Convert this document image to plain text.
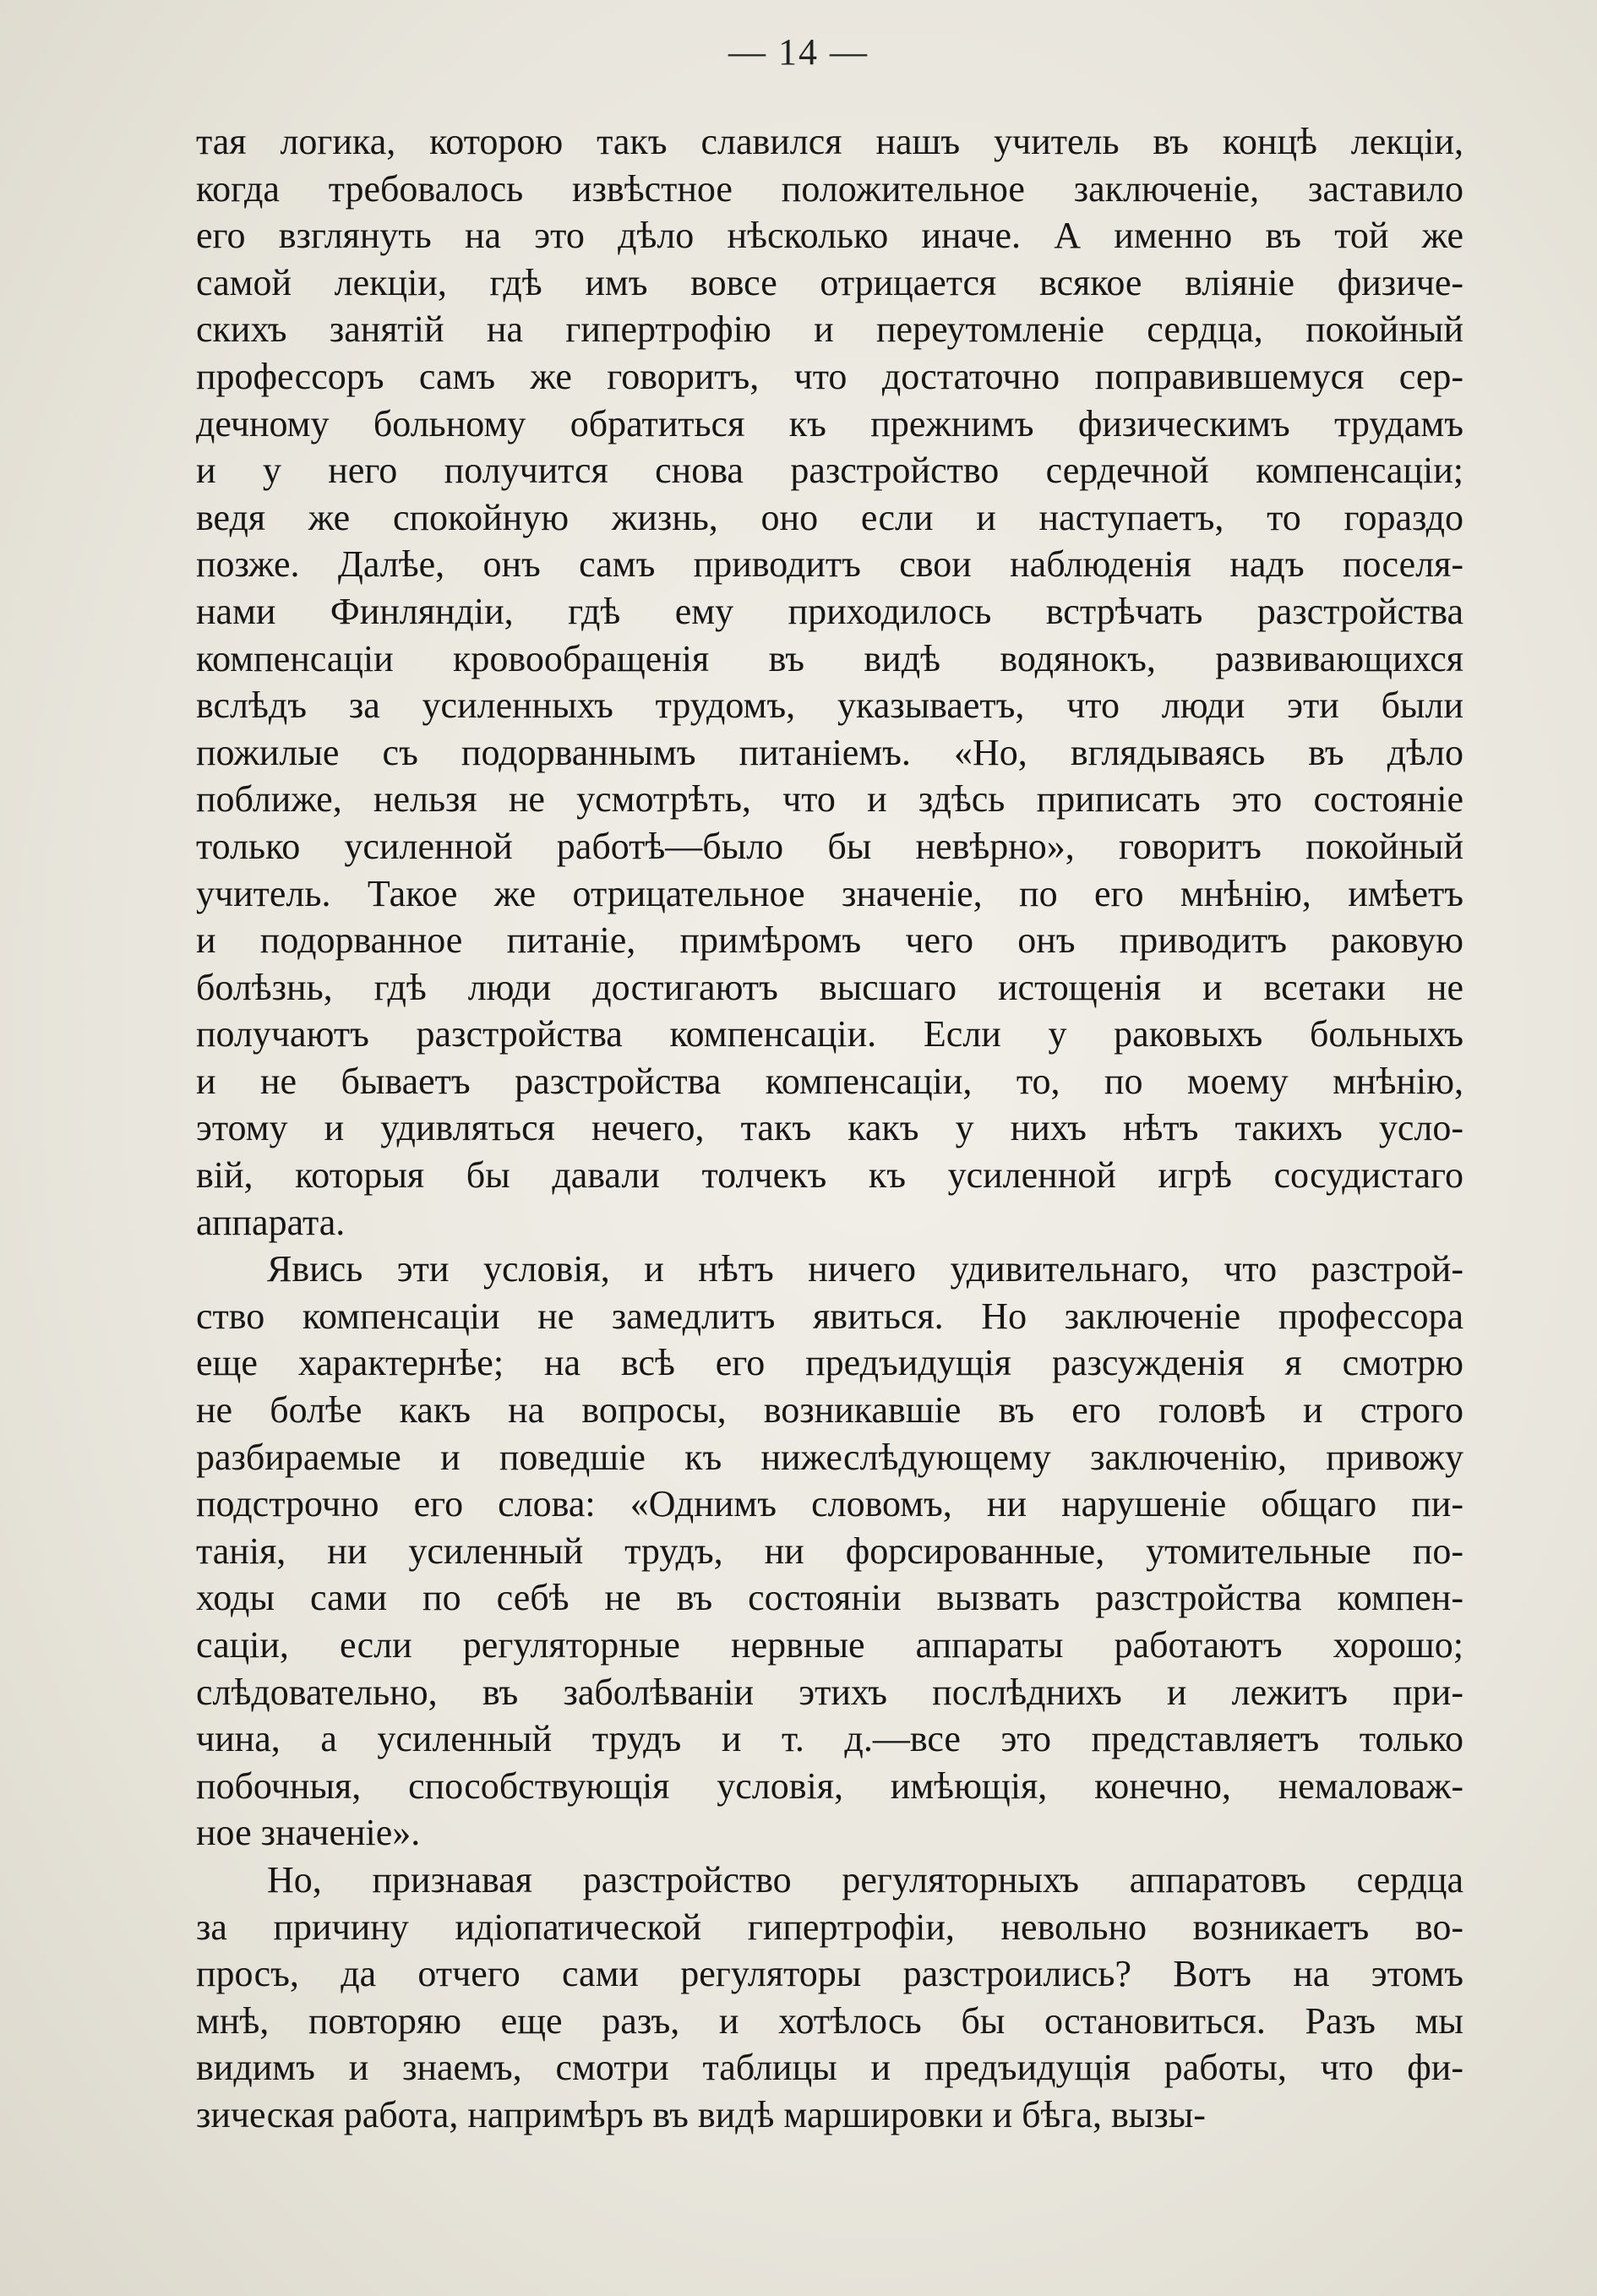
— 14 —
тая логика, которою такъ славился нашъ учитель въ концѣ лекціи,
когда требовалось извѣстное положительное заключеніе, заставило
его взглянуть на это дѣло нѣсколько иначе. А именно въ той же
самой лекціи, гдѣ имъ вовсе отрицается всякое вліяніе физиче-
скихъ занятій на гипертрофію и переутомленіе сердца, покойный
профессоръ самъ же говоритъ, что достаточно поправившемуся сер-
дечному больному обратиться къ прежнимъ физическимъ трудамъ
и у него получится снова разстройство сердечной компенсаціи;
ведя же спокойную жизнь, оно если и наступаетъ, то гораздо
позже. Далѣе, онъ самъ приводитъ свои наблюденія надъ поселя-
нами Финляндіи, гдѣ ему приходилось встрѣчать разстройства
компенсаціи кровообращенія въ видѣ водянокъ, развивающихся
вслѣдъ за усиленныхъ трудомъ, указываетъ, что люди эти были
пожилые съ подорваннымъ питаніемъ. «Но, вглядываясь въ дѣло
поближе, нельзя не усмотрѣть, что и здѣсь приписать это состояніе
только усиленной работѣ—было бы невѣрно», говоритъ покойный
учитель. Такое же отрицательное значеніе, по его мнѣнію, имѣетъ
и подорванное питаніе, примѣромъ чего онъ приводитъ раковую
болѣзнь, гдѣ люди достигаютъ высшаго истощенія и всетаки не
получаютъ разстройства компенсаціи. Если у раковыхъ больныхъ
и не бываетъ разстройства компенсаціи, то, по моему мнѣнію,
этому и удивляться нечего, такъ какъ у нихъ нѣтъ такихъ усло-
вій, которыя бы давали толчекъ къ усиленной игрѣ сосудистаго
аппарата.
Явись эти условія, и нѣтъ ничего удивительнаго, что разстрой-
ство компенсаціи не замедлитъ явиться. Но заключеніе профессора
еще характернѣе; на всѣ его предъидущія разсужденія я смотрю
не болѣе какъ на вопросы, возникавшіе въ его головѣ и строго
разбираемые и поведшіе къ нижеслѣдующему заключенію, привожу
подстрочно его слова: «Однимъ словомъ, ни нарушеніе общаго пи-
танія, ни усиленный трудъ, ни форсированные, утомительные по-
ходы сами по себѣ не въ состояніи вызвать разстройства компен-
саціи, если регуляторные нервные аппараты работаютъ хорошо;
слѣдовательно, въ заболѣваніи этихъ послѣднихъ и лежитъ при-
чина, а усиленный трудъ и т. д.—все это представляетъ только
побочныя, способствующія условія, имѣющія, конечно, немаловаж-
ное значеніе».
Но, признавая разстройство регуляторныхъ аппаратовъ сердца
за причину идіопатической гипертрофіи, невольно возникаетъ во-
просъ, да отчего сами регуляторы разстроились? Вотъ на этомъ
мнѣ, повторяю еще разъ, и хотѣлось бы остановиться. Разъ мы
видимъ и знаемъ, смотри таблицы и предъидущія работы, что фи-
зическая работа, напримѣръ въ видѣ маршировки и бѣга, вызы-
